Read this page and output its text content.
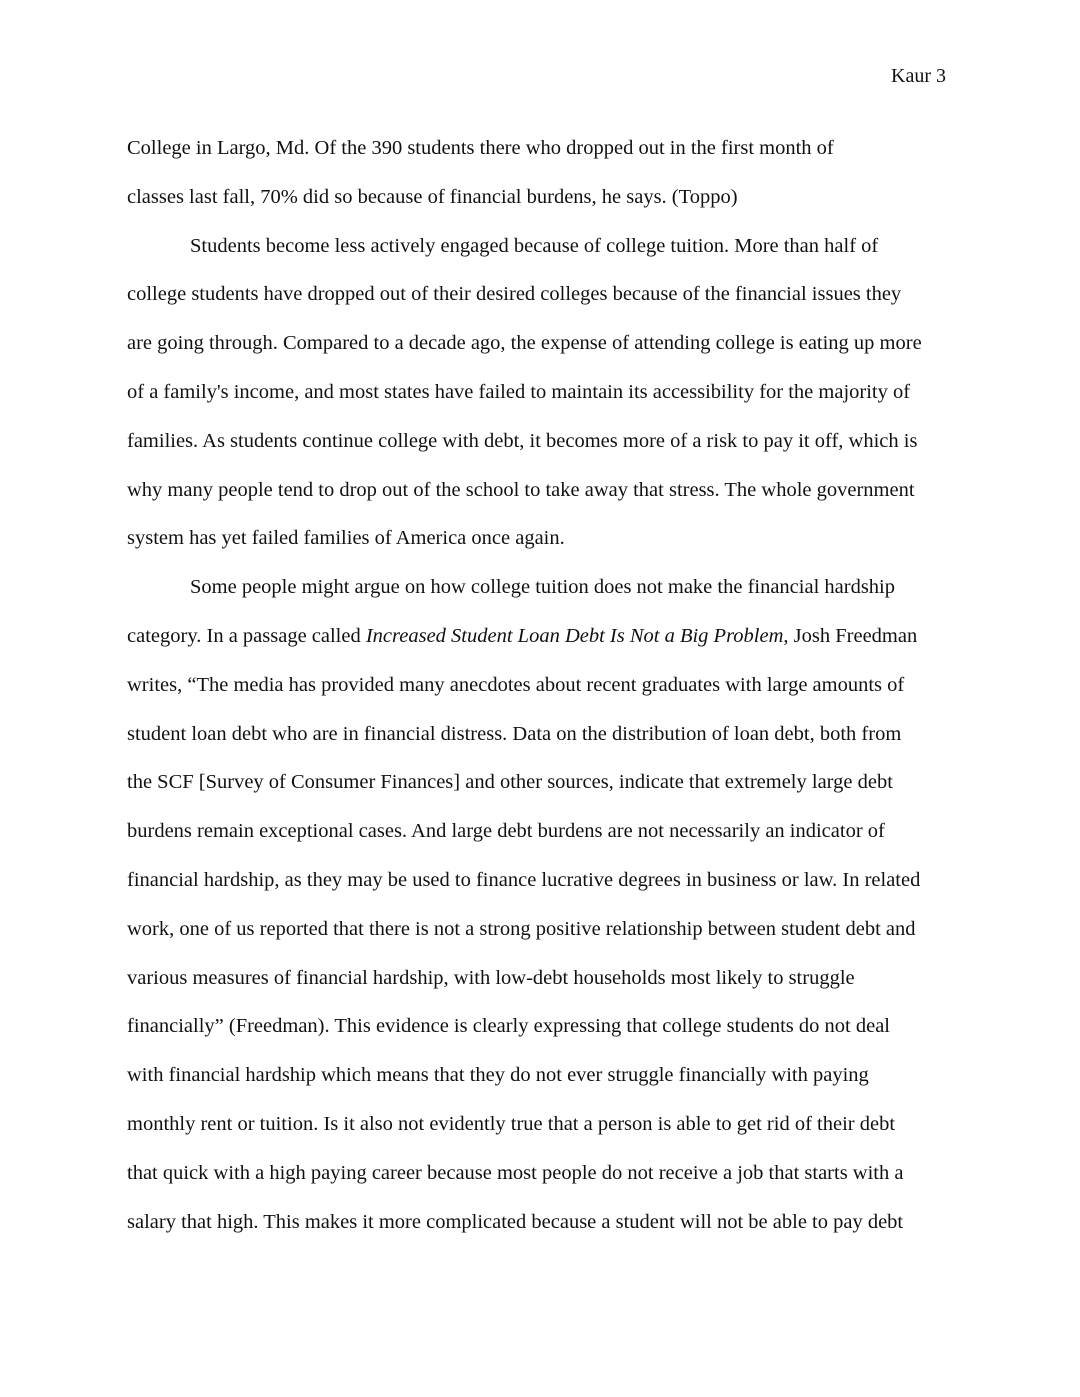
Kaur 3

College in Largo, Md. Of the 390 students there who dropped out in the first month of
classes last fall, 70% did so because of financial burdens, he says. (Toppo)

Students become less actively engaged because of college tuition. More than half of
college students have dropped out of their desired colleges because of the financial issues they
are going through. Compared to a decade ago, the expense of attending college is eating up more
of a family's income, and most states have failed to maintain its accessibility for the majority of
families. As students continue college with debt, it becomes more of a risk to pay it off, which is
why many people tend to drop out of the school to take away that stress. The whole government
system has yet failed families of America once again.

Some people might argue on how college tuition does not make the financial hardship
category. In a passage called Increased Student Loan Debt Is Not a Big Problem, Josh Freedman
writes, “The media has provided many anecdotes about recent graduates with large amounts of
student loan debt who are in financial distress. Data on the distribution of loan debt, both from
the SCF [Survey of Consumer Finances] and other sources, indicate that extremely large debt
burdens remain exceptional cases. And large debt burdens are not necessarily an indicator of
financial hardship, as they may be used to finance lucrative degrees in business or law. In related
work, one of us reported that there is not a strong positive relationship between student debt and
various measures of financial hardship, with low-debt households most likely to struggle
financially” (Freedman). This evidence is clearly expressing that college students do not deal
with financial hardship which means that they do not ever struggle financially with paying
monthly rent or tuition. Is it also not evidently true that a person is able to get rid of their debt
that quick with a high paying career because most people do not receive a job that starts with a
salary that high. This makes it more complicated because a student will not be able to pay debt
